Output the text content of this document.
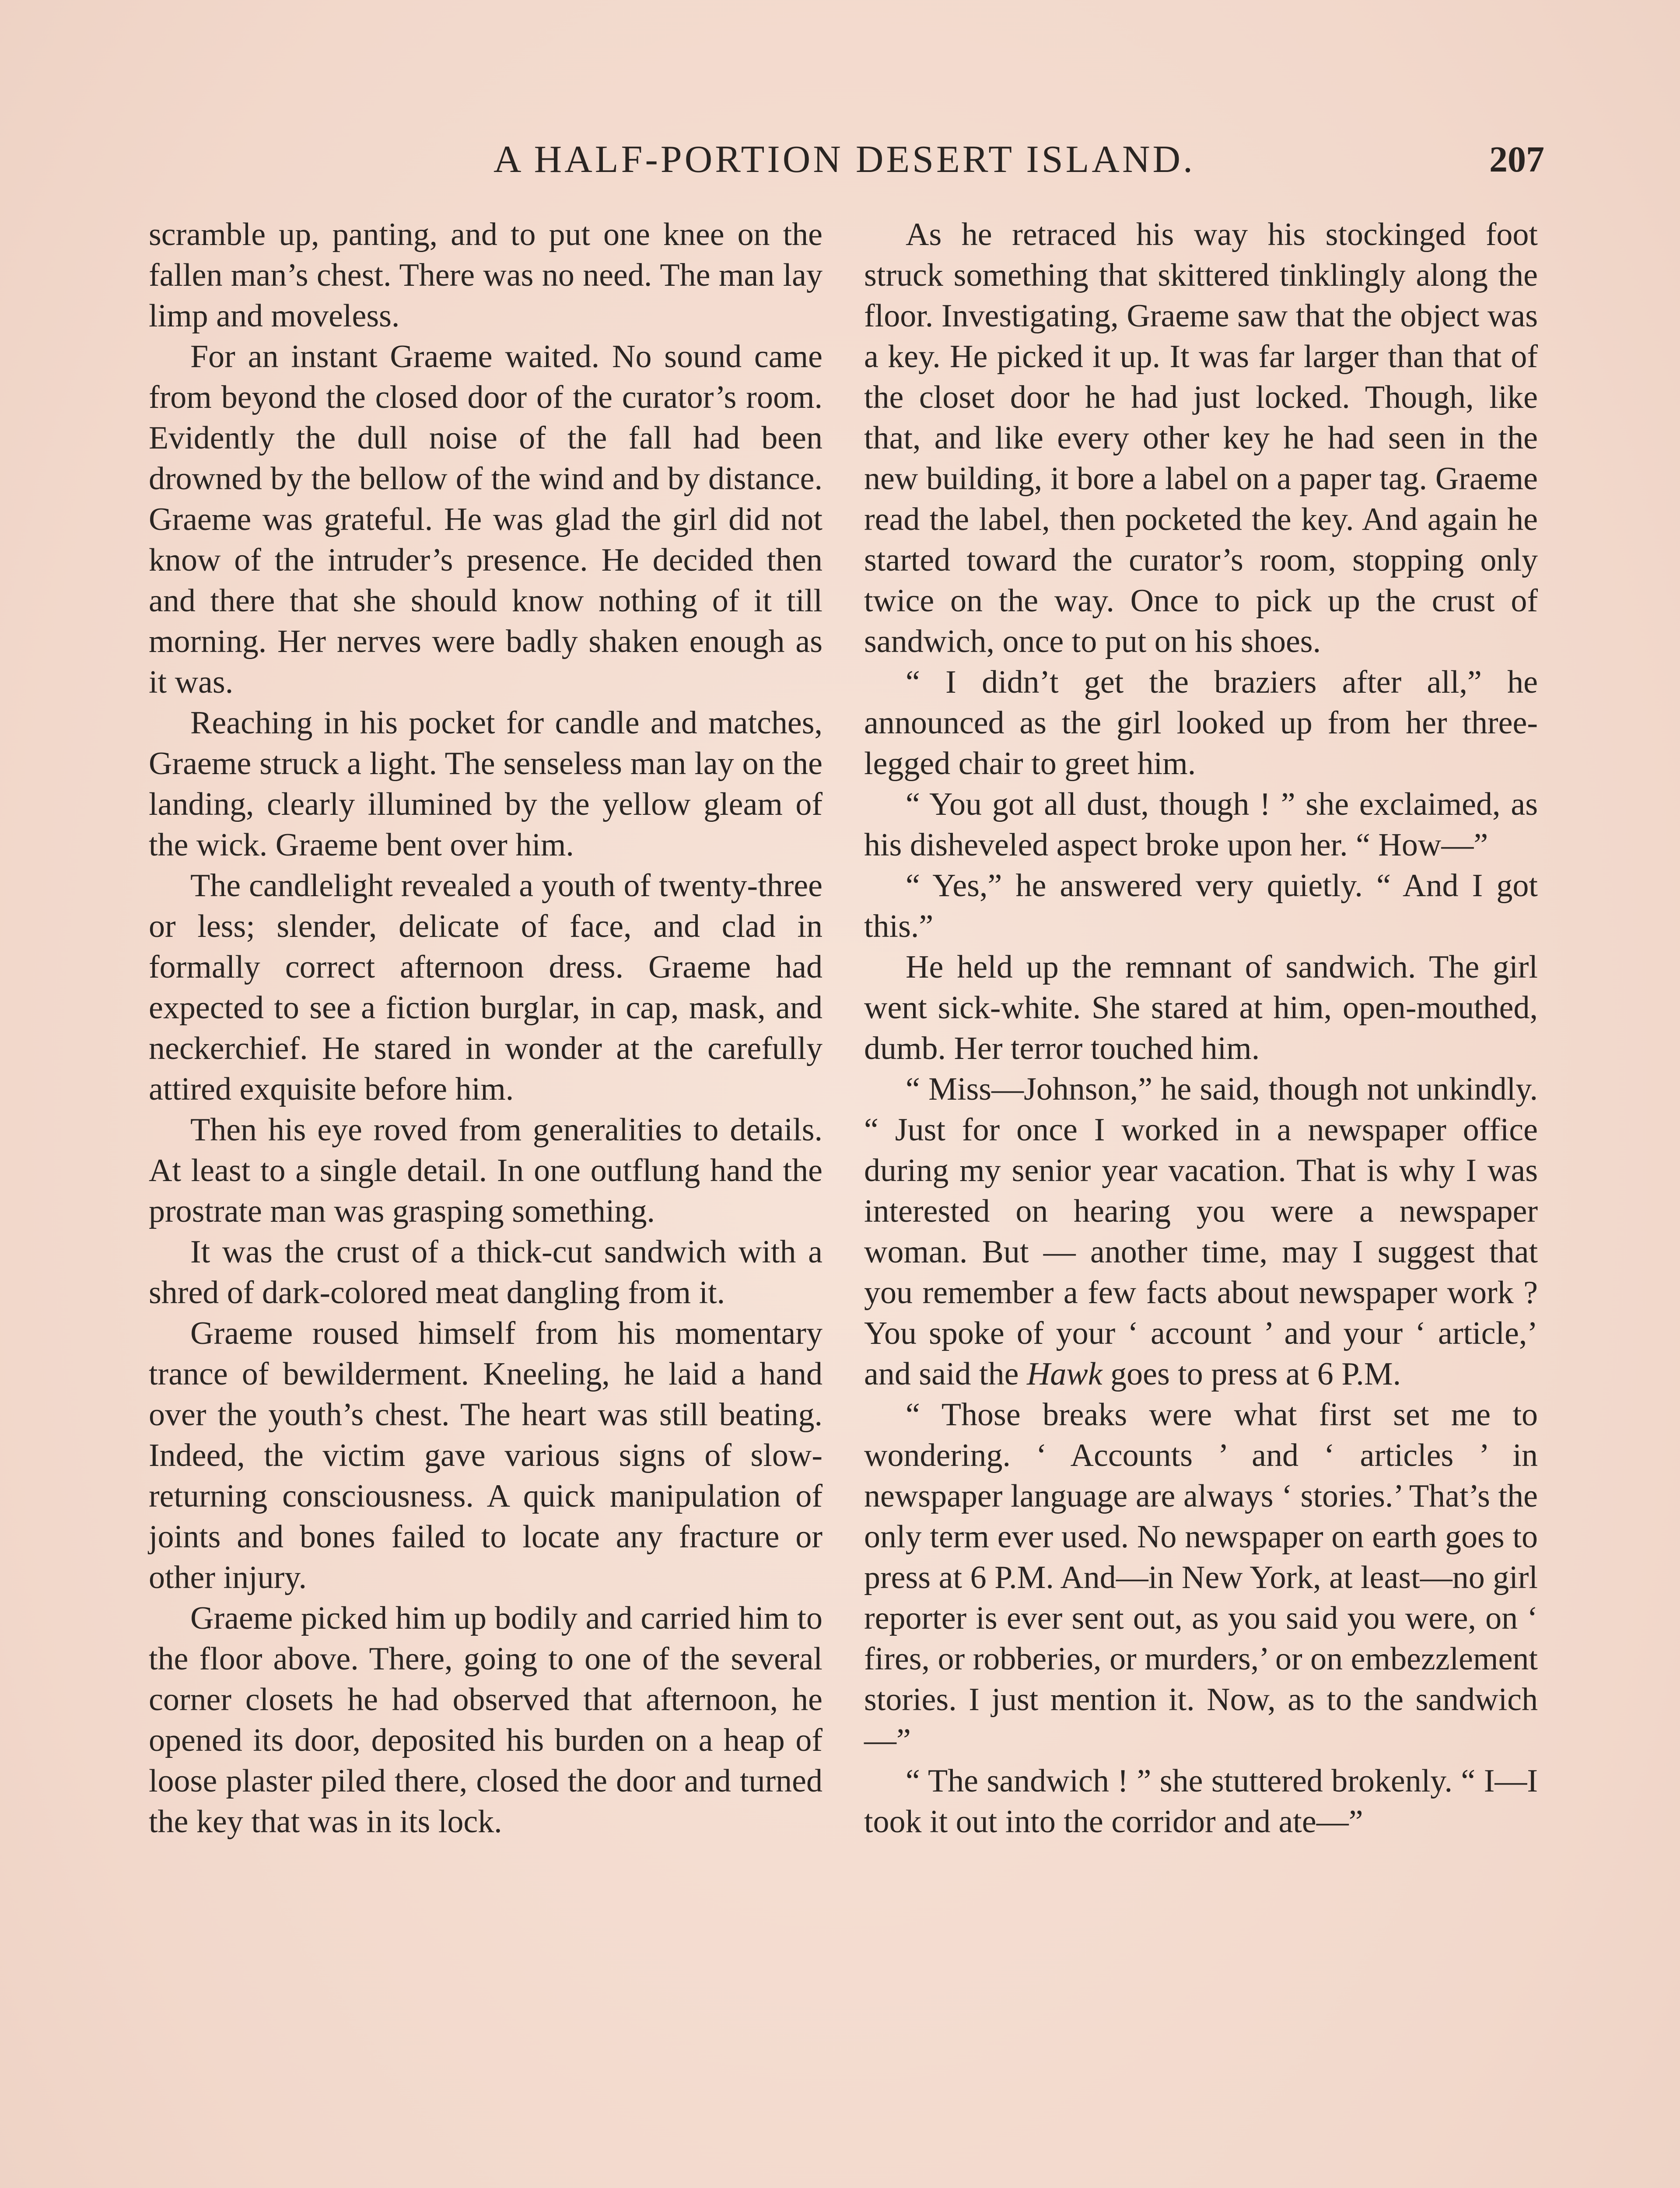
A HALF-PORTION DESERT ISLAND.	207

scramble up, panting, and to put one knee on the fallen man’s chest. There was no need. The man lay limp and moveless.

For an instant Graeme waited. No sound came from beyond the closed door of the curator’s room. Evidently the dull noise of the fall had been drowned by the bellow of the wind and by distance. Graeme was grateful. He was glad the girl did not know of the intruder’s presence. He decided then and there that she should know nothing of it till morning. Her nerves were badly shaken enough as it was.

Reaching in his pocket for candle and matches, Graeme struck a light. The senseless man lay on the landing, clearly illumined by the yellow gleam of the wick. Graeme bent over him.

The candlelight revealed a youth of twenty-three or less; slender, delicate of face, and clad in formally correct afternoon dress. Graeme had expected to see a fiction burglar, in cap, mask, and neckerchief. He stared in wonder at the carefully attired exquisite before him.

Then his eye roved from generalities to details. At least to a single detail. In one outflung hand the prostrate man was grasping something.

It was the crust of a thick-cut sandwich with a shred of dark-colored meat dangling from it.

Graeme roused himself from his momentary trance of bewilderment. Kneeling, he laid a hand over the youth’s chest. The heart was still beating. Indeed, the victim gave various signs of slow-returning consciousness. A quick manipulation of joints and bones failed to locate any fracture or other injury.

Graeme picked him up bodily and carried him to the floor above. There, going to one of the several corner closets he had observed that afternoon, he opened its door, deposited his burden on a heap of loose plaster piled there, closed the door and turned the key that was in its lock.

As he retraced his way his stockinged foot struck something that skittered tinklingly along the floor. Investigating, Graeme saw that the object was a key. He picked it up. It was far larger than that of the closet door he had just locked. Though, like that, and like every other key he had seen in the new building, it bore a label on a paper tag. Graeme read the label, then pocketed the key. And again he started toward the curator’s room, stopping only twice on the way. Once to pick up the crust of sandwich, once to put on his shoes.

“ I didn’t get the braziers after all,” he announced as the girl looked up from her three-legged chair to greet him.

“ You got all dust, though ! ” she exclaimed, as his disheveled aspect broke upon her. “ How—”

“ Yes,” he answered very quietly. “ And I got this.”

He held up the remnant of sandwich. The girl went sick-white. She stared at him, open-mouthed, dumb. Her terror touched him.

“ Miss—Johnson,” he said, though not unkindly. “ Just for once I worked in a newspaper office during my senior year vacation. That is why I was interested on hearing you were a newspaper woman. But — another time, may I suggest that you remember a few facts about newspaper work ? You spoke of your ‘ account ’ and your ‘ article,’ and said the Hawk goes to press at 6 P.M.

“ Those breaks were what first set me to wondering. ‘ Accounts ’ and ‘ articles ’ in newspaper language are always ‘ stories.’ That’s the only term ever used. No newspaper on earth goes to press at 6 P.M. And—in New York, at least—no girl reporter is ever sent out, as you said you were, on ‘ fires, or robberies, or murders,’ or on embezzlement stories. I just mention it. Now, as to the sandwich—”

“ The sandwich ! ” she stuttered brokenly. “ I—I took it out into the corridor and ate—”
